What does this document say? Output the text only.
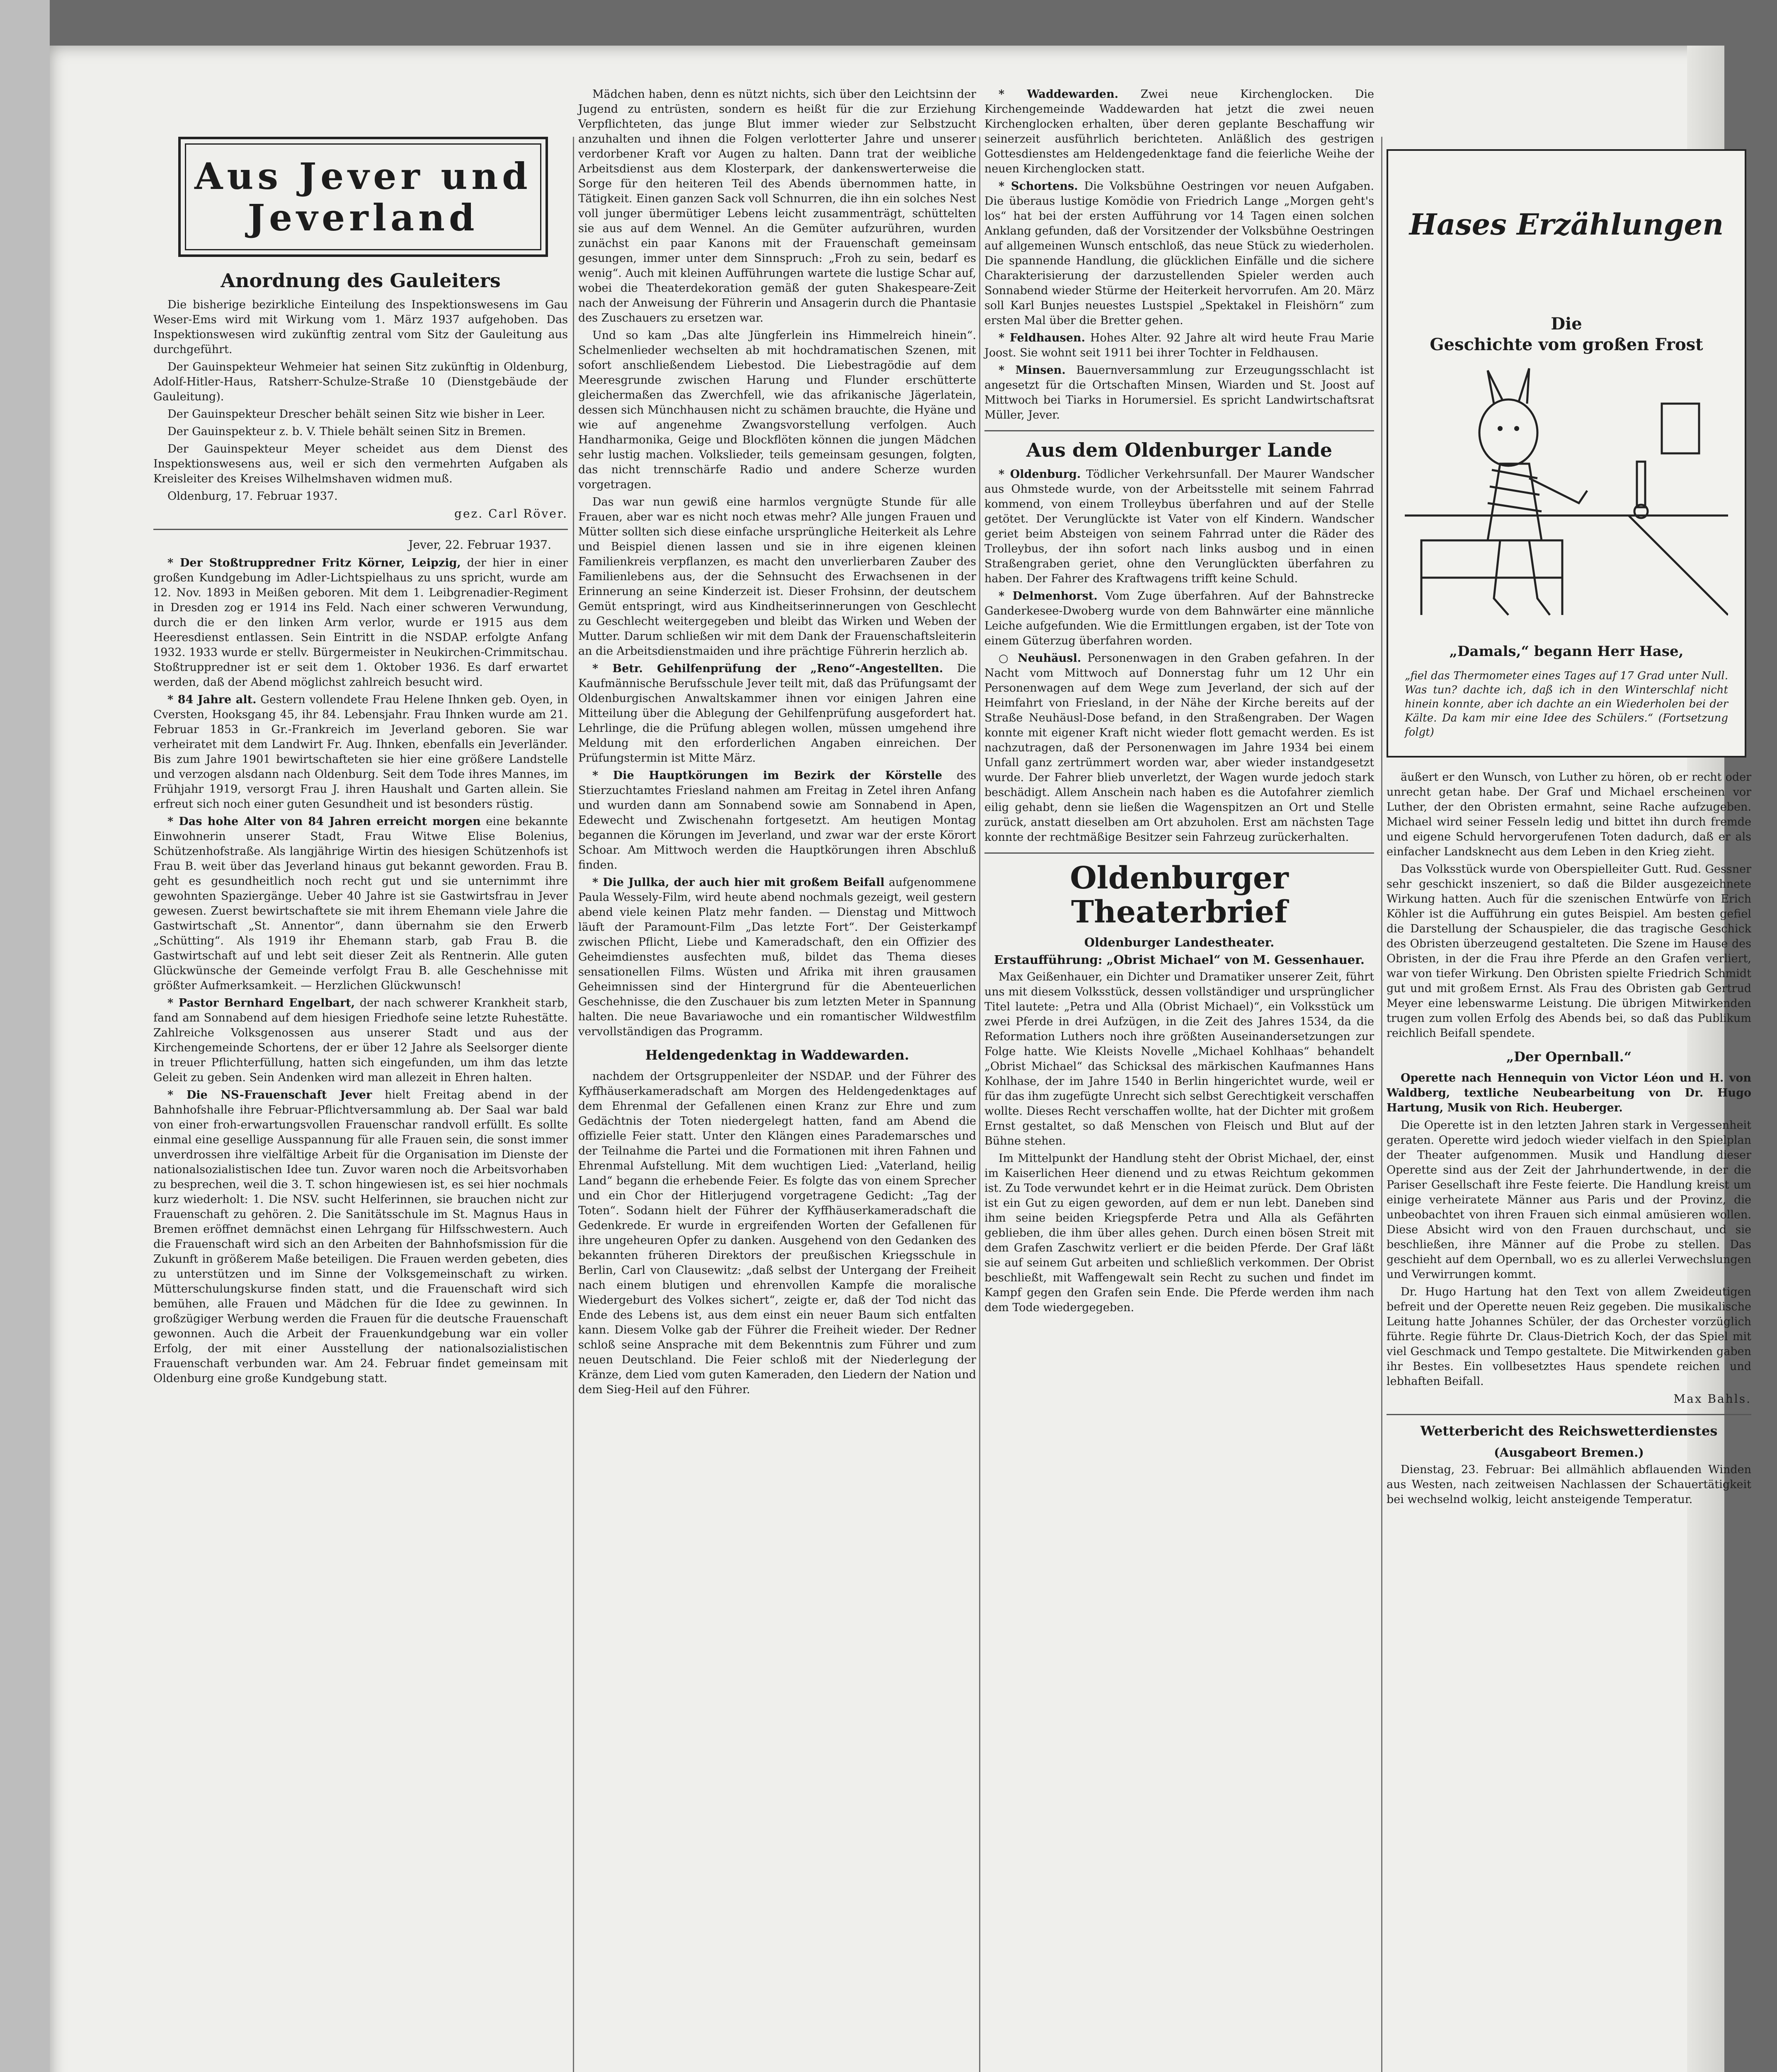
Aus Jever und Jeverland
Anordnung des Gauleiters

Die bisherige bezirkliche Einteilung des Inspektionswesens im Gau Weser-Ems wird mit Wirkung vom 1. März 1937 aufgehoben. Das Inspektionswesen wird zukünftig zentral vom Sitz der Gauleitung aus durchgeführt.

Der Gauinspekteur Wehmeier hat seinen Sitz zukünftig in Oldenburg, Adolf-Hitler-Haus, Ratsherr-Schulze-Straße 10 (Dienstgebäude der Gauleitung).

Der Gauinspekteur Drescher behält seinen Sitz wie bisher in Leer.

Der Gauinspekteur z. b. V. Thiele behält seinen Sitz in Bremen.

Der Gauinspekteur Meyer scheidet aus dem Dienst des Inspektionswesens aus, weil er sich den vermehrten Aufgaben als Kreisleiter des Kreises Wilhelmshaven widmen muß.

Oldenburg, 17. Februar 1937.

gez. Carl Röver.
Jever, 22. Februar 1937.

* Der Stoßtruppredner Fritz Körner, Leipzig, der hier in einer großen Kundgebung im Adler-Lichtspielhaus zu uns spricht, wurde am 12. Nov. 1893 in Meißen geboren. Mit dem 1. Leibgrenadier-Regiment in Dresden zog er 1914 ins Feld. Nach einer schweren Verwundung, durch die er den linken Arm verlor, wurde er 1915 aus dem Heeresdienst entlassen. Sein Eintritt in die NSDAP. erfolgte Anfang 1932. 1933 wurde er stellv. Bürgermeister in Neukirchen-Crimmitschau. Stoßtruppredner ist er seit dem 1. Oktober 1936. Es darf erwartet werden, daß der Abend möglichst zahlreich besucht wird.

* 84 Jahre alt. Gestern vollendete Frau Helene Ihnken geb. Oyen, in Cversten, Hooksgang 45, ihr 84. Lebensjahr. Frau Ihnken wurde am 21. Februar 1853 in Gr.-Frankreich im Jeverland geboren. Sie war verheiratet mit dem Landwirt Fr. Aug. Ihnken, ebenfalls ein Jeverländer. Bis zum Jahre 1901 bewirtschafteten sie hier eine größere Landstelle und verzogen alsdann nach Oldenburg. Seit dem Tode ihres Mannes, im Frühjahr 1919, versorgt Frau J. ihren Haushalt und Garten allein. Sie erfreut sich noch einer guten Gesundheit und ist besonders rüstig.

* Das hohe Alter von 84 Jahren erreicht morgen eine bekannte Einwohnerin unserer Stadt, Frau Witwe Elise Bolenius, Schützenhofstraße. Als langjährige Wirtin des hiesigen Schützenhofs ist Frau B. weit über das Jeverland hinaus gut bekannt geworden. Frau B. geht es gesundheitlich noch recht gut und sie unternimmt ihre gewohnten Spaziergänge. Ueber 40 Jahre ist sie Gastwirtsfrau in Jever gewesen. Zuerst bewirtschaftete sie mit ihrem Ehemann viele Jahre die Gastwirtschaft „St. Annentor“, dann übernahm sie den Erwerb „Schütting“. Als 1919 ihr Ehemann starb, gab Frau B. die Gastwirtschaft auf und lebt seit dieser Zeit als Rentnerin. Alle guten Glückwünsche der Gemeinde verfolgt Frau B. alle Geschehnisse mit größter Aufmerksamkeit. — Herzlichen Glückwunsch!

* Pastor Bernhard Engelbart, der nach schwerer Krankheit starb, fand am Sonnabend auf dem hiesigen Friedhofe seine letzte Ruhestätte. Zahlreiche Volksgenossen aus unserer Stadt und aus der Kirchengemeinde Schortens, der er über 12 Jahre als Seelsorger diente in treuer Pflichterfüllung, hatten sich eingefunden, um ihm das letzte Geleit zu geben. Sein Andenken wird man allezeit in Ehren halten.

* Die NS-Frauenschaft Jever hielt Freitag abend in der Bahnhofshalle ihre Februar-Pflichtversammlung ab. Der Saal war bald von einer froh-erwartungsvollen Frauenschar randvoll erfüllt. Es sollte einmal eine gesellige Ausspannung für alle Frauen sein, die sonst immer unverdrossen ihre vielfältige Arbeit für die Organisation im Dienste der nationalsozialistischen Idee tun. Zuvor waren noch die Arbeitsvorhaben zu besprechen, weil die 3. T. schon hingewiesen ist, es sei hier nochmals kurz wiederholt: 1. Die NSV. sucht Helferinnen, sie brauchen nicht zur Frauenschaft zu gehören. 2. Die Sanitätsschule im St. Magnus Haus in Bremen eröffnet demnächst einen Lehrgang für Hilfsschwestern. Auch die Frauenschaft wird sich an den Arbeiten der Bahnhofsmission für die Zukunft in größerem Maße beteiligen. Die Frauen werden gebeten, dies zu unterstützen und im Sinne der Volksgemeinschaft zu wirken. Mütterschulungskurse finden statt, und die Frauenschaft wird sich bemühen, alle Frauen und Mädchen für die Idee zu gewinnen. In großzügiger Werbung werden die Frauen für die deutsche Frauenschaft gewonnen. Auch die Arbeit der Frauenkundgebung war ein voller Erfolg, der mit einer Ausstellung der nationalsozialistischen Frauenschaft verbunden war. Am 24. Februar findet gemeinsam mit Oldenburg eine große Kundgebung statt.

Mädchen haben, denn es nützt nichts, sich über den Leichtsinn der Jugend zu entrüsten, sondern es heißt für die zur Erziehung Verpflichteten, das junge Blut immer wieder zur Selbstzucht anzuhalten und ihnen die Folgen verlotterter Jahre und unserer verdorbener Kraft vor Augen zu halten. Dann trat der weibliche Arbeitsdienst aus dem Klosterpark, der dankenswerterweise die Sorge für den heiteren Teil des Abends übernommen hatte, in Tätigkeit. Einen ganzen Sack voll Schnurren, die ihn ein solches Nest voll junger übermütiger Lebens leicht zusammenträgt, schüttelten sie aus auf dem Wennel. An die Gemüter aufzurühren, wurden zunächst ein paar Kanons mit der Frauenschaft gemeinsam gesungen, immer unter dem Sinnspruch: „Froh zu sein, bedarf es wenig“. Auch mit kleinen Aufführungen wartete die lustige Schar auf, wobei die Theaterdekoration gemäß der guten Shakespeare-Zeit nach der Anweisung der Führerin und Ansagerin durch die Phantasie des Zuschauers zu ersetzen war.

Und so kam „Das alte Jüngferlein ins Himmelreich hinein“. Schelmenlieder wechselten ab mit hochdramatischen Szenen, mit sofort anschließendem Liebestod. Die Liebestragödie auf dem Meeresgrunde zwischen Harung und Flunder erschütterte gleichermaßen das Zwerchfell, wie das afrikanische Jägerlatein, dessen sich Münchhausen nicht zu schämen brauchte, die Hyäne und wie auf angenehme Zwangsvorstellung verfolgen. Auch Handharmonika, Geige und Blockflöten können die jungen Mädchen sehr lustig machen. Volkslieder, teils gemeinsam gesungen, folgten, das nicht trennschärfe Radio und andere Scherze wurden vorgetragen.

Das war nun gewiß eine harmlos vergnügte Stunde für alle Frauen, aber war es nicht noch etwas mehr? Alle jungen Frauen und Mütter sollten sich diese einfache ursprüngliche Heiterkeit als Lehre und Beispiel dienen lassen und sie in ihre eigenen kleinen Familienkreis verpflanzen, es macht den unverlierbaren Zauber des Familienlebens aus, der die Sehnsucht des Erwachsenen in der Erinnerung an seine Kinderzeit ist. Dieser Frohsinn, der deutschem Gemüt entspringt, wird aus Kindheitserinnerungen von Geschlecht zu Geschlecht weitergegeben und bleibt das Wirken und Weben der Mutter. Darum schließen wir mit dem Dank der Frauenschaftsleiterin an die Arbeitsdienstmaiden und ihre prächtige Führerin herzlich ab.

* Betr. Gehilfenprüfung der „Reno“-Angestellten. Die Kaufmännische Berufsschule Jever teilt mit, daß das Prüfungsamt der Oldenburgischen Anwaltskammer ihnen vor einigen Jahren eine Mitteilung über die Ablegung der Gehilfenprüfung ausgefordert hat. Lehrlinge, die die Prüfung ablegen wollen, müssen umgehend ihre Meldung mit den erforderlichen Angaben einreichen. Der Prüfungstermin ist Mitte März.

* Die Hauptkörungen im Bezirk der Körstelle des Stierzuchtamtes Friesland nahmen am Freitag in Zetel ihren Anfang und wurden dann am Sonnabend sowie am Sonnabend in Apen, Edewecht und Zwischenahn fortgesetzt. Am heutigen Montag begannen die Körungen im Jeverland, und zwar war der erste Körort Schoar. Am Mittwoch werden die Hauptkörungen ihren Abschluß finden.

* Die Jullka, der auch hier mit großem Beifall aufgenommene Paula Wessely-Film, wird heute abend nochmals gezeigt, weil gestern abend viele keinen Platz mehr fanden. — Dienstag und Mittwoch läuft der Paramount-Film „Das letzte Fort“. Der Geisterkampf zwischen Pflicht, Liebe und Kameradschaft, den ein Offizier des Geheimdienstes ausfechten muß, bildet das Thema dieses sensationellen Films. Wüsten und Afrika mit ihren grausamen Geheimnissen sind der Hintergrund für die Abenteuerlichen Geschehnisse, die den Zuschauer bis zum letzten Meter in Spannung halten. Die neue Bavariawoche und ein romantischer Wildwestfilm vervollständigen das Programm.

Heldengedenktag in Waddewarden.

nachdem der Ortsgruppenleiter der NSDAP. und der Führer des Kyffhäuserkameradschaft am Morgen des Heldengedenktages auf dem Ehrenmal der Gefallenen einen Kranz zur Ehre und zum Gedächtnis der Toten niedergelegt hatten, fand am Abend die offizielle Feier statt. Unter den Klängen eines Parademarsches und der Teilnahme die Partei und die Formationen mit ihren Fahnen und Ehrenmal Aufstellung. Mit dem wuchtigen Lied: „Vaterland, heilig Land“ begann die erhebende Feier. Es folgte das von einem Sprecher und ein Chor der Hitlerjugend vorgetragene Gedicht: „Tag der Toten“. Sodann hielt der Führer der Kyffhäuserkameradschaft die Gedenkrede. Er wurde in ergreifenden Worten der Gefallenen für ihre ungeheuren Opfer zu danken. Ausgehend von den Gedanken des bekannten früheren Direktors der preußischen Kriegsschule in Berlin, Carl von Clausewitz: „daß selbst der Untergang der Freiheit nach einem blutigen und ehrenvollen Kampfe die moralische Wiedergeburt des Volkes sichert“, zeigte er, daß der Tod nicht das Ende des Lebens ist, aus dem einst ein neuer Baum sich entfalten kann. Diesem Volke gab der Führer die Freiheit wieder. Der Redner schloß seine Ansprache mit dem Bekenntnis zum Führer und zum neuen Deutschland. Die Feier schloß mit der Niederlegung der Kränze, dem Lied vom guten Kameraden, den Liedern der Nation und dem Sieg-Heil auf den Führer.

* Waddewarden. Zwei neue Kirchenglocken. Die Kirchengemeinde Waddewarden hat jetzt die zwei neuen Kirchenglocken erhalten, über deren geplante Beschaffung wir seinerzeit ausführlich berichteten. Anläßlich des gestrigen Gottesdienstes am Heldengedenktage fand die feierliche Weihe der neuen Kirchenglocken statt.

* Schortens. Die Volksbühne Oestringen vor neuen Aufgaben. Die überaus lustige Komödie von Friedrich Lange „Morgen geht's los“ hat bei der ersten Aufführung vor 14 Tagen einen solchen Anklang gefunden, daß der Vorsitzender der Volksbühne Oestringen auf allgemeinen Wunsch entschloß, das neue Stück zu wiederholen. Die spannende Handlung, die glücklichen Einfälle und die sichere Charakterisierung der darzustellenden Spieler werden auch Sonnabend wieder Stürme der Heiterkeit hervorrufen. Am 20. März soll Karl Bunjes neuestes Lustspiel „Spektakel in Fleishörn“ zum ersten Mal über die Bretter gehen.

* Feldhausen. Hohes Alter. 92 Jahre alt wird heute Frau Marie Joost. Sie wohnt seit 1911 bei ihrer Tochter in Feldhausen.

* Minsen. Bauernversammlung zur Erzeugungsschlacht ist angesetzt für die Ortschaften Minsen, Wiarden und St. Joost auf Mittwoch bei Tiarks in Horumersiel. Es spricht Landwirtschaftsrat Müller, Jever.

Aus dem Oldenburger Lande

* Oldenburg. Tödlicher Verkehrsunfall. Der Maurer Wandscher aus Ohmstede wurde, von der Arbeitsstelle mit seinem Fahrrad kommend, von einem Trolleybus überfahren und auf der Stelle getötet. Der Verunglückte ist Vater von elf Kindern. Wandscher geriet beim Absteigen von seinem Fahrrad unter die Räder des Trolleybus, der ihn sofort nach links ausbog und in einen Straßengraben geriet, ohne den Verunglückten überfahren zu haben. Der Fahrer des Kraftwagens trifft keine Schuld.

* Delmenhorst. Vom Zuge überfahren. Auf der Bahnstrecke Ganderkesee-Dwoberg wurde von dem Bahnwärter eine männliche Leiche aufgefunden. Wie die Ermittlungen ergaben, ist der Tote von einem Güterzug überfahren worden.

○ Neuhäusl. Personenwagen in den Graben gefahren. In der Nacht vom Mittwoch auf Donnerstag fuhr um 12 Uhr ein Personenwagen auf dem Wege zum Jeverland, der sich auf der Heimfahrt von Friesland, in der Nähe der Kirche bereits auf der Straße Neuhäusl-Dose befand, in den Straßengraben. Der Wagen konnte mit eigener Kraft nicht wieder flott gemacht werden. Es ist nachzutragen, daß der Personenwagen im Jahre 1934 bei einem Unfall ganz zertrümmert worden war, aber wieder instandgesetzt wurde. Der Fahrer blieb unverletzt, der Wagen wurde jedoch stark beschädigt. Allem Anschein nach haben es die Autofahrer ziemlich eilig gehabt, denn sie ließen die Wagenspitzen an Ort und Stelle zurück, anstatt dieselben am Ort abzuholen. Erst am nächsten Tage konnte der rechtmäßige Besitzer sein Fahrzeug zurückerhalten.

Oldenburger Theaterbrief
Oldenburger Landestheater.
Erstaufführung: „Obrist Michael“ von M. Gessenhauer.

Max Geißenhauer, ein Dichter und Dramatiker unserer Zeit, führt uns mit diesem Volksstück, dessen vollständiger und ursprünglicher Titel lautete: „Petra und Alla (Obrist Michael)“, ein Volksstück um zwei Pferde in drei Aufzügen, in die Zeit des Jahres 1534, da die Reformation Luthers noch ihre größten Auseinandersetzungen zur Folge hatte. Wie Kleists Novelle „Michael Kohlhaas“ behandelt „Obrist Michael“ das Schicksal des märkischen Kaufmannes Hans Kohlhase, der im Jahre 1540 in Berlin hingerichtet wurde, weil er für das ihm zugefügte Unrecht sich selbst Gerechtigkeit verschaffen wollte. Dieses Recht verschaffen wollte, hat der Dichter mit großem Ernst gestaltet, so daß Menschen von Fleisch und Blut auf der Bühne stehen.

Im Mittelpunkt der Handlung steht der Obrist Michael, der, einst im Kaiserlichen Heer dienend und zu etwas Reichtum gekommen ist. Zu Tode verwundet kehrt er in die Heimat zurück. Dem Obristen ist ein Gut zu eigen geworden, auf dem er nun lebt. Daneben sind ihm seine beiden Kriegspferde Petra und Alla als Gefährten geblieben, die ihm über alles gehen. Durch einen bösen Streit mit dem Grafen Zaschwitz verliert er die beiden Pferde. Der Graf läßt sie auf seinem Gut arbeiten und schließlich verkommen. Der Obrist beschließt, mit Waffengewalt sein Recht zu suchen und findet im Kampf gegen den Grafen sein Ende. Die Pferde werden ihm nach dem Tode wiedergegeben.

Hases Erzählungen
Die
Geschichte vom großen Frost
„Damals,“ begann Herr Hase,
„fiel das Thermometer eines Tages auf 17 Grad unter Null. Was tun? dachte ich, daß ich in den Winterschlaf nicht hinein konnte, aber ich dachte an ein Wiederholen bei der Kälte. Da kam mir eine Idee des Schülers.“ (Fortsetzung folgt)

äußert er den Wunsch, von Luther zu hören, ob er recht oder unrecht getan habe. Der Graf und Michael erscheinen vor Luther, der den Obristen ermahnt, seine Rache aufzugeben. Michael wird seiner Fesseln ledig und bittet ihn durch fremde und eigene Schuld hervorgerufenen Toten dadurch, daß er als einfacher Landsknecht aus dem Leben in den Krieg zieht.

Das Volksstück wurde von Oberspielleiter Gutt. Rud. Gessner sehr geschickt inszeniert, so daß die Bilder ausgezeichnete Wirkung hatten. Auch für die szenischen Entwürfe von Erich Köhler ist die Aufführung ein gutes Beispiel. Am besten gefiel die Darstellung der Schauspieler, die das tragische Geschick des Obristen überzeugend gestalteten. Die Szene im Hause des Obristen, in der die Frau ihre Pferde an den Grafen verliert, war von tiefer Wirkung. Den Obristen spielte Friedrich Schmidt gut und mit großem Ernst. Als Frau des Obristen gab Gertrud Meyer eine lebenswarme Leistung. Die übrigen Mitwirkenden trugen zum vollen Erfolg des Abends bei, so daß das Publikum reichlich Beifall spendete.

„Der Opernball.“

Operette nach Hennequin von Victor Léon und H. von Waldberg, textliche Neubearbeitung von Dr. Hugo Hartung, Musik von Rich. Heuberger.

Die Operette ist in den letzten Jahren stark in Vergessenheit geraten. Operette wird jedoch wieder vielfach in den Spielplan der Theater aufgenommen. Musik und Handlung dieser Operette sind aus der Zeit der Jahrhundertwende, in der die Pariser Gesellschaft ihre Feste feierte. Die Handlung kreist um einige verheiratete Männer aus Paris und der Provinz, die unbeobachtet von ihren Frauen sich einmal amüsieren wollen. Diese Absicht wird von den Frauen durchschaut, und sie beschließen, ihre Männer auf die Probe zu stellen. Das geschieht auf dem Opernball, wo es zu allerlei Verwechslungen und Verwirrungen kommt.

Dr. Hugo Hartung hat den Text von allem Zweideutigen befreit und der Operette neuen Reiz gegeben. Die musikalische Leitung hatte Johannes Schüler, der das Orchester vorzüglich führte. Regie führte Dr. Claus-Dietrich Koch, der das Spiel mit viel Geschmack und Tempo gestaltete. Die Mitwirkenden gaben ihr Bestes. Ein vollbesetztes Haus spendete reichen und lebhaften Beifall.

Max Bahls.
Wetterbericht des Reichswetterdienstes
(Ausgabeort Bremen.)

Dienstag, 23. Februar: Bei allmählich abflauenden Winden aus Westen, nach zeitweisen Nachlassen der Schauertätigkeit bei wechselnd wolkig, leicht ansteigende Temperatur.
